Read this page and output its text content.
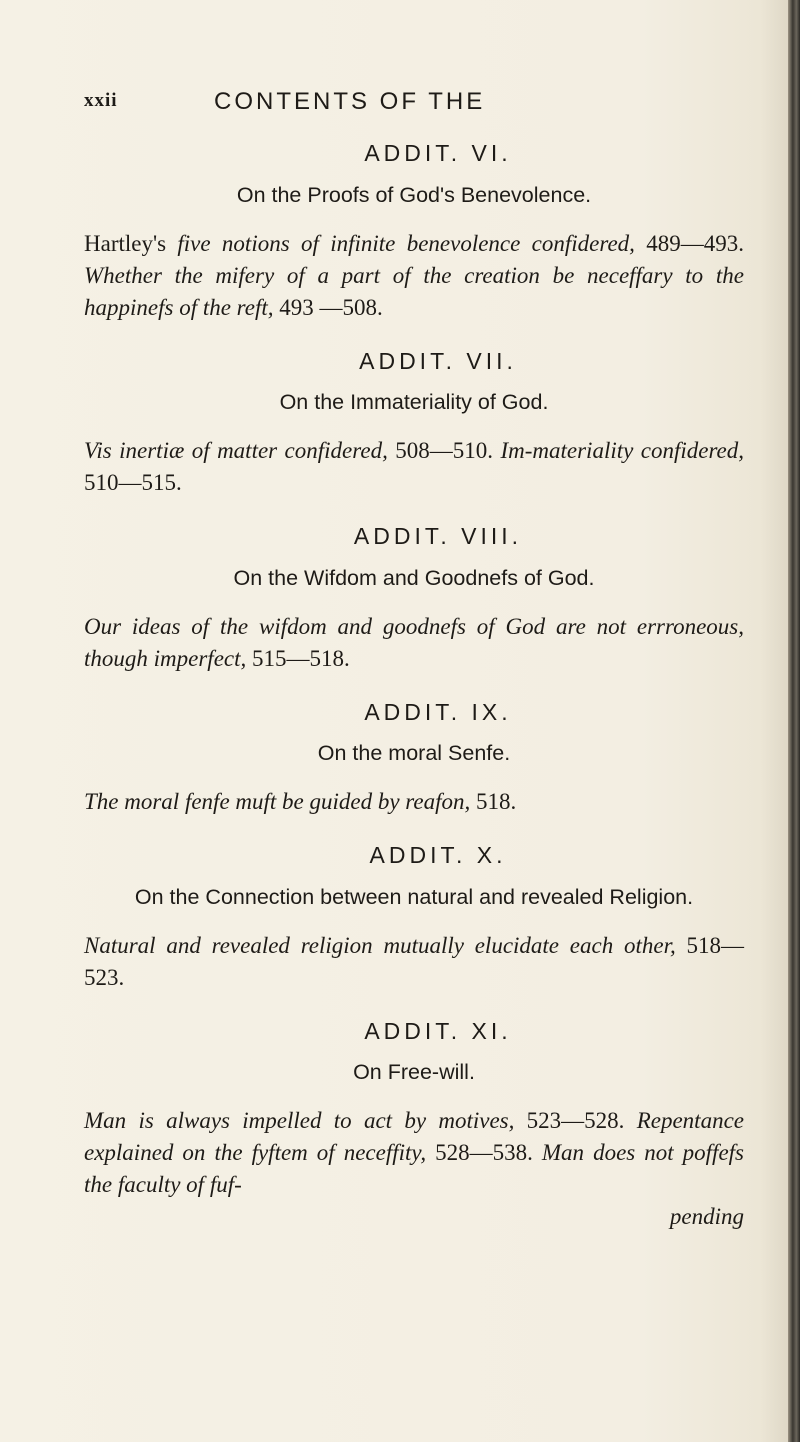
xxii	CONTENTS OF THE
ADDIT. VI.
On the Proofs of God's Benevolence.
Hartley's five notions of infinite benevolence confidered, 489—493. Whether the mifery of a part of the creation be neceffary to the happinefs of the reft, 493 —508.
ADDIT. VII.
On the Immateriality of God.
Vis inertiæ of matter confidered, 508—510. Im-materiality confidered, 510—515.
ADDIT. VIII.
On the Wifdom and Goodnefs of God.
Our ideas of the wifdom and goodnefs of God are not errroneous, though imperfect, 515—518.
ADDIT. IX.
On the moral Senfe.
The moral fenfe muft be guided by reafon, 518.
ADDIT. X.
On the Connection between natural and revealed Religion.
Natural and revealed religion mutually elucidate each other, 518—523.
ADDIT. XI.
On Free-will.
Man is always impelled to act by motives, 523—528. Repentance explained on the fyftem of neceffity, 528—538. Man does not poffefs the faculty of fuf-
pending
